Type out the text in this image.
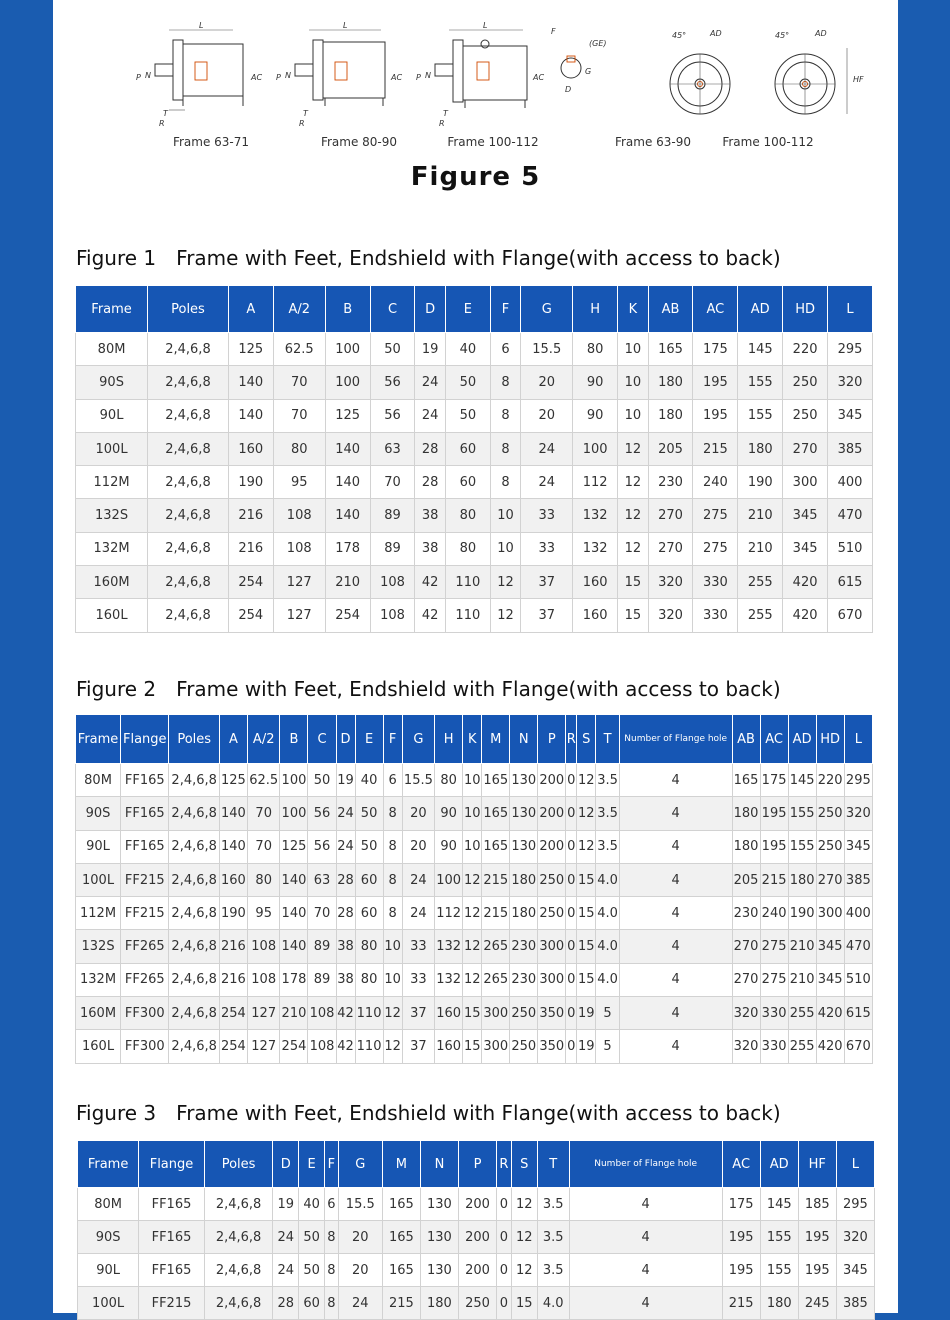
L
P N	AC
T
R
L
P N	AC
T
R
L
P N	AC
T
R
F
(GE)
G
D
45°	AD	45°	AD
HF
Frame 63-71	Frame 80-90	Frame 100-112	Frame 63-90	Frame 100-112
Figure 5
Figure 1 Frame with Feet, Endshield with Flange(with access to back)
Frame	Poles	A	A/2	B	C	D	E	F	G	H	K	AB	AC	AD	HD	L
80M	2,4,6,8	125	62.5	100	50	19	40	6	15.5	80	10	165	175	145	220	295
90S	2,4,6,8	140	70	100	56	24	50	8	20	90	10	180	195	155	250	320
90L	2,4,6,8	140	70	125	56	24	50	8	20	90	10	180	195	155	250	345
100L	2,4,6,8	160	80	140	63	28	60	8	24	100	12	205	215	180	270	385
112M	2,4,6,8	190	95	140	70	28	60	8	24	112	12	230	240	190	300	400
132S	2,4,6,8	216	108	140	89	38	80	10	33	132	12	270	275	210	345	470
132M	2,4,6,8	216	108	178	89	38	80	10	33	132	12	270	275	210	345	510
160M	2,4,6,8	254	127	210	108	42	110	12	37	160	15	320	330	255	420	615
160L	2,4,6,8	254	127	254	108	42	110	12	37	160	15	320	330	255	420	670
Figure 2 Frame with Feet, Endshield with Flange(with access to back)
Frame	Flange	Poles	A	A/2	B	C	D	E	F	G	H	K	M	N	P	R	S	T	Number of Flange hole	AB	AC	AD	HD	L
80M	FF165	2,4,6,8	125	62.5	100	50	19	40	6	15.5	80	10	165	130	200	0	12	3.5	4	165	175	145	220	295
90S	FF165	2,4,6,8	140	70	100	56	24	50	8	20	90	10	165	130	200	0	12	3.5	4	180	195	155	250	320
90L	FF165	2,4,6,8	140	70	125	56	24	50	8	20	90	10	165	130	200	0	12	3.5	4	180	195	155	250	345
100L	FF215	2,4,6,8	160	80	140	63	28	60	8	24	100	12	215	180	250	0	15	4.0	4	205	215	180	270	385
112M	FF215	2,4,6,8	190	95	140	70	28	60	8	24	112	12	215	180	250	0	15	4.0	4	230	240	190	300	400
132S	FF265	2,4,6,8	216	108	140	89	38	80	10	33	132	12	265	230	300	0	15	4.0	4	270	275	210	345	470
132M	FF265	2,4,6,8	216	108	178	89	38	80	10	33	132	12	265	230	300	0	15	4.0	4	270	275	210	345	510
160M	FF300	2,4,6,8	254	127	210	108	42	110	12	37	160	15	300	250	350	0	19	5	4	320	330	255	420	615
160L	FF300	2,4,6,8	254	127	254	108	42	110	12	37	160	15	300	250	350	0	19	5	4	320	330	255	420	670
Figure 3 Frame with Feet, Endshield with Flange(with access to back)
Frame	Flange	Poles	D	E	F	G	M	N	P	R	S	T	Number of Flange hole	AC	AD	HF	L
80M	FF165	2,4,6,8	19	40	6	15.5	165	130	200	0	12	3.5	4	175	145	185	295
90S	FF165	2,4,6,8	24	50	8	20	165	130	200	0	12	3.5	4	195	155	195	320
90L	FF165	2,4,6,8	24	50	8	20	165	130	200	0	12	3.5	4	195	155	195	345
100L	FF215	2,4,6,8	28	60	8	24	215	180	250	0	15	4.0	4	215	180	245	385
